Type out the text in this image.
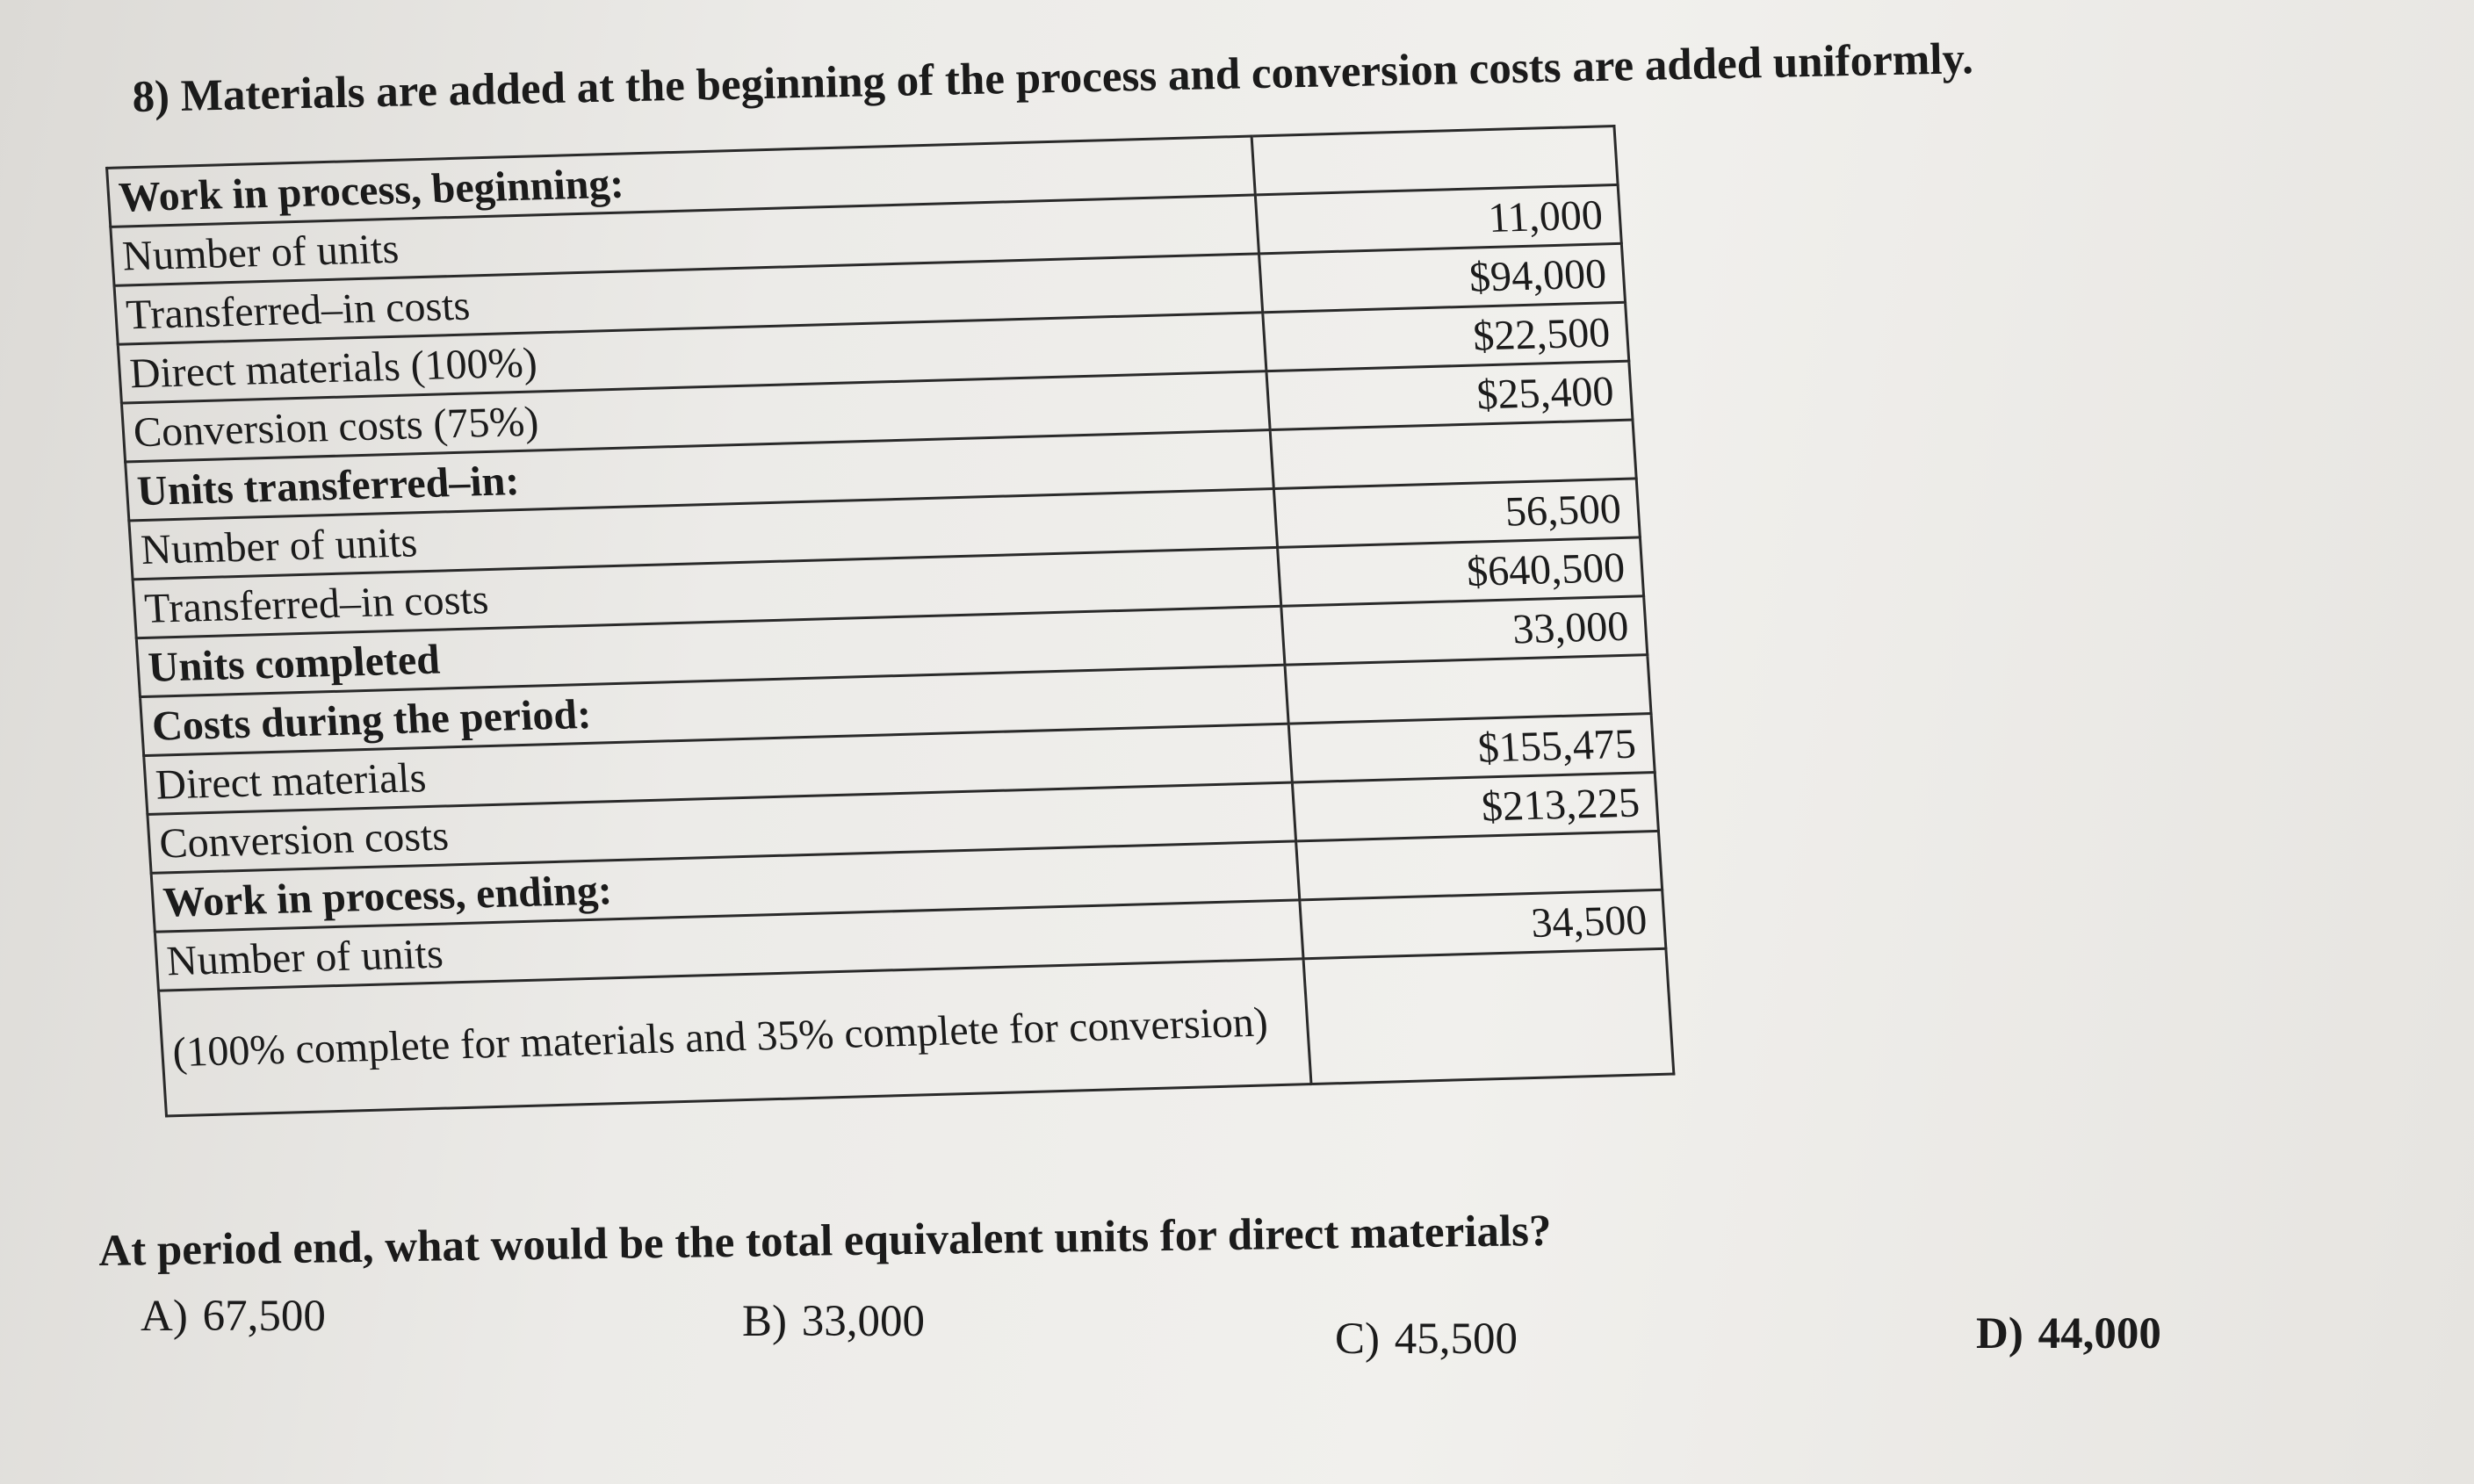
8) Materials are added at the beginning of the process and conversion costs are added uniformly.
Work in process, beginning:	
Number of units	11,000
Transferred–in costs	$94,000
Direct materials (100%)	$22,500
Conversion costs (75%)	$25,400
Units transferred–in:	
Number of units	56,500
Transferred–in costs	$640,500
Units completed	33,000
Costs during the period:	
Direct materials	$155,475
Conversion costs	$213,225
Work in process, ending:	
Number of units	34,500
(100% complete for materials and 35% complete for conversion)	
At period end, what would be the total equivalent units for direct materials?
A) 67,500	B) 33,000	C) 45,500	D) 44,000
